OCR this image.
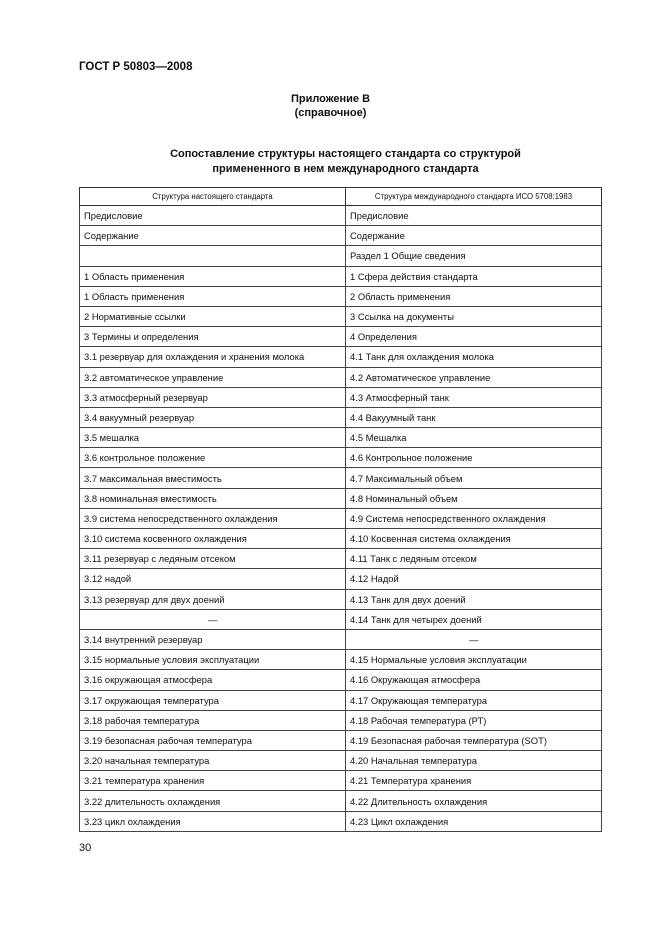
ГОСТ Р 50803—2008
Приложение В
(справочное)
Сопоставление структуры настоящего стандарта со структурой
примененного в нем международного стандарта
Структура настоящего стандарта	Структура международного стандарта ИСО 5708:1983
Предисловие	Предисловие
Содержание	Содержание
	Раздел 1 Общие сведения
1 Область применения	1 Сфера действия стандарта
1 Область применения	2 Область применения
2 Нормативные ссылки	3 Ссылка на документы
3 Термины и определения	4 Определения
3.1 резервуар для охлаждения и хранения молока	4.1 Танк для охлаждения молока
3.2 автоматическое управление	4.2 Автоматическое управление
3.3 атмосферный резервуар	4.3 Атмосферный танк
3.4 вакуумный резервуар	4.4 Вакуумный танк
3.5 мешалка	4.5 Мешалка
3.6 контрольное положение	4.6 Контрольное положение
3.7 максимальная вместимость	4.7 Максимальный объем
3.8 номинальная вместимость	4.8 Номинальный объем
3.9 система непосредственного охлаждения	4.9 Система непосредственного охлаждения
3.10 система косвенного охлаждения	4.10 Косвенная система охлаждения
3.11 резервуар с ледяным отсеком	4.11 Танк с ледяным отсеком
3.12 надой	4.12 Надой
3.13 резервуар для двух доений	4.13 Танк для двух доений
—	4.14 Танк для четырех доений
3.14 внутренний резервуар	—
3.15 нормальные условия эксплуатации	4.15 Нормальные условия эксплуатации
3.16 окружающая атмосфера	4.16 Окружающая атмосфера
3.17 окружающая температура	4.17 Окружающая температура
3.18 рабочая температура	4.18 Рабочая температура (РТ)
3.19 безопасная рабочая температура	4.19 Безопасная рабочая температура (SOT)
3.20 начальная температура	4.20 Начальная температура
3.21 температура хранения	4.21 Температура хранения
3.22 длительность охлаждения	4.22 Длительность охлаждения
3.23 цикл охлаждения	4.23 Цикл охлаждения
30
